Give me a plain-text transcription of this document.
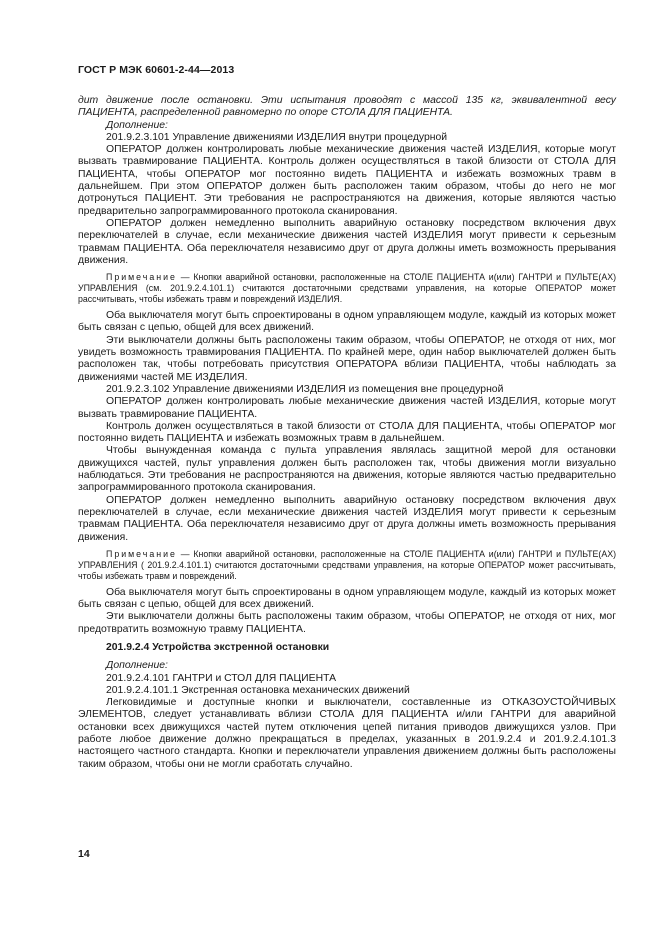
ГОСТ Р МЭК 60601-2-44—2013

дит движение после остановки. Эти испытания проводят с массой 135 кг, эквивалентной весу ПАЦИЕНТА, распределенной равномерно по опоре СТОЛА ДЛЯ ПАЦИЕНТА.

Дополнение:

201.9.2.3.101 Управление движениями ИЗДЕЛИЯ внутри процедурной

ОПЕРАТОР должен контролировать любые механические движения частей ИЗДЕЛИЯ, которые могут вызвать травмирование ПАЦИЕНТА. Контроль должен осуществляться в такой близости от СТОЛА ДЛЯ ПАЦИЕНТА, чтобы ОПЕРАТОР мог постоянно видеть ПАЦИЕНТА и избежать возможных травм в дальнейшем. При этом ОПЕРАТОР должен быть расположен таким образом, чтобы до него не мог дотронуться ПАЦИЕНТ. Эти требования не распространяются на движения, которые являются частью предварительно запрограммированного протокола сканирования.

ОПЕРАТОР должен немедленно выполнить аварийную остановку посредством включения двух переключателей в случае, если механические движения частей ИЗДЕЛИЯ могут привести к серьезным травмам ПАЦИЕНТА. Оба переключателя независимо друг от друга должны иметь возможность прерывания движения.

Примечание — Кнопки аварийной остановки, расположенные на СТОЛЕ ПАЦИЕНТА и(или) ГАНТРИ и ПУЛЬТЕ(АХ) УПРАВЛЕНИЯ (см. 201.9.2.4.101.1) считаются достаточными средствами управления, на которые ОПЕРАТОР может рассчитывать, чтобы избежать травм и повреждений ИЗДЕЛИЯ.

Оба выключателя могут быть спроектированы в одном управляющем модуле, каждый из которых может быть связан с цепью, общей для всех движений.

Эти выключатели должны быть расположены таким образом, чтобы ОПЕРАТОР, не отходя от них, мог увидеть возможность травмирования ПАЦИЕНТА. По крайней мере, один набор выключателей должен быть расположен так, чтобы потребовать присутствия ОПЕРАТОРА вблизи ПАЦИЕНТА, чтобы наблюдать за движениями частей МЕ ИЗДЕЛИЯ.

201.9.2.3.102 Управление движениями ИЗДЕЛИЯ из помещения вне процедурной

ОПЕРАТОР должен контролировать любые механические движения частей ИЗДЕЛИЯ, которые могут вызвать травмирование ПАЦИЕНТА.

Контроль должен осуществляться в такой близости от СТОЛА ДЛЯ ПАЦИЕНТА, чтобы ОПЕРАТОР мог постоянно видеть ПАЦИЕНТА и избежать возможных травм в дальнейшем.

Чтобы вынужденная команда с пульта управления являлась защитной мерой для остановки движущихся частей, пульт управления должен быть расположен так, чтобы движения могли визуально наблюдаться. Эти требования не распространяются на движения, которые являются частью предварительно запрограммированного протокола сканирования.

ОПЕРАТОР должен немедленно выполнить аварийную остановку посредством включения двух переключателей в случае, если механические движения частей ИЗДЕЛИЯ могут привести к серьезным травмам ПАЦИЕНТА. Оба переключателя независимо друг от друга должны иметь возможность прерывания движения.

Примечание — Кнопки аварийной остановки, расположенные на СТОЛЕ ПАЦИЕНТА и(или) ГАНТРИ и ПУЛЬТЕ(АХ) УПРАВЛЕНИЯ ( 201.9.2.4.101.1) считаются достаточными средствами управления, на которые ОПЕРАТОР может рассчитывать, чтобы избежать травм и повреждений.

Оба выключателя могут быть спроектированы в одном управляющем модуле, каждый из которых может быть связан с цепью, общей для всех движений.

Эти выключатели должны быть расположены таким образом, чтобы ОПЕРАТОР, не отходя от них, мог предотвратить возможную травму ПАЦИЕНТА.

201.9.2.4 Устройства экстренной остановки

Дополнение:

201.9.2.4.101 ГАНТРИ и СТОЛ ДЛЯ ПАЦИЕНТА

201.9.2.4.101.1 Экстренная остановка механических движений

Легковидимые и доступные кнопки и выключатели, составленные из ОТКАЗОУСТОЙЧИВЫХ ЭЛЕМЕНТОВ, следует устанавливать вблизи СТОЛА ДЛЯ ПАЦИЕНТА и/или ГАНТРИ для аварийной остановки всех движущихся частей путем отключения цепей питания приводов движущихся узлов. При работе любое движение должно прекращаться в пределах, указанных в 201.9.2.4 и 201.9.2.4.101.3 настоящего частного стандарта. Кнопки и переключатели управления движением должны быть расположены таким образом, чтобы они не могли сработать случайно.

14
